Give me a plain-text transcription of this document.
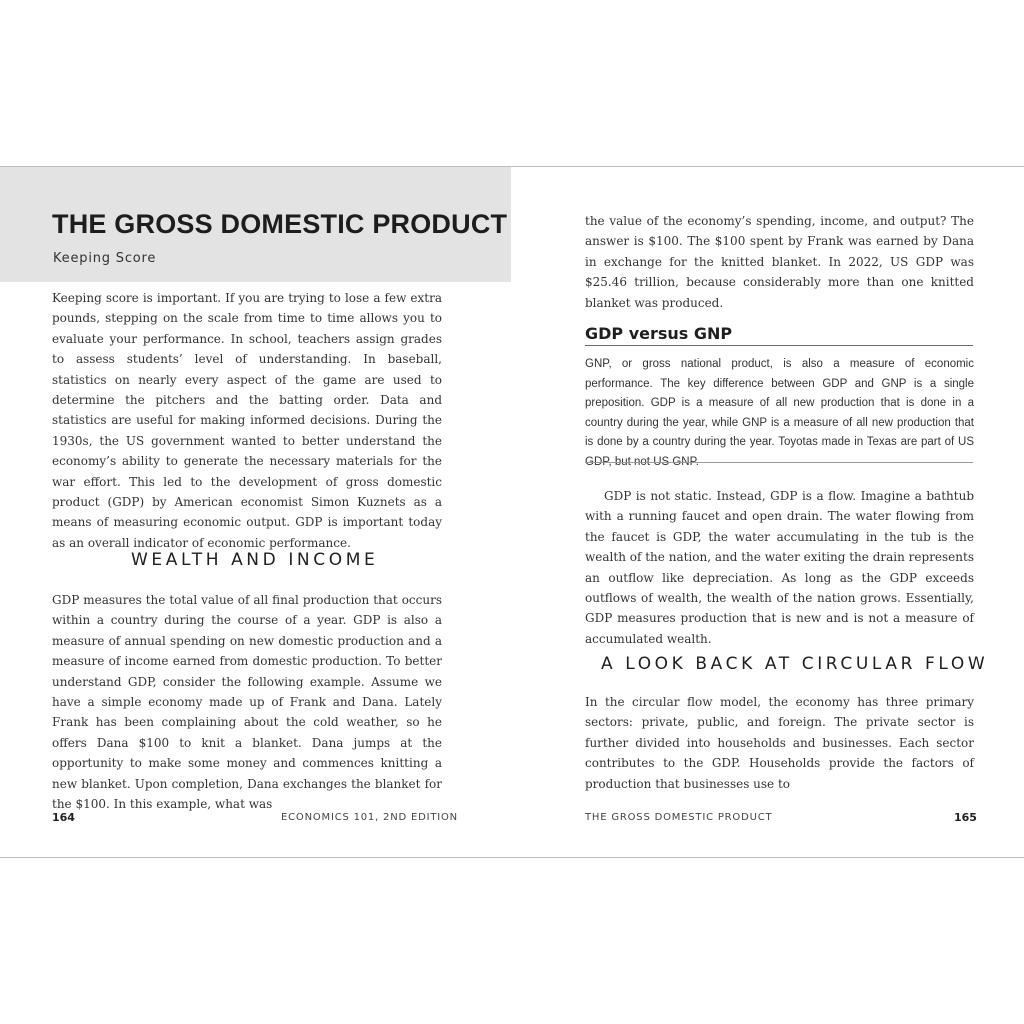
THE GROSS DOMESTIC PRODUCT
Keeping Score

Keeping score is important. If you are trying to lose a few extra pounds, stepping on the scale from time to time allows you to evaluate your performance. In school, teachers assign grades to assess students’ level of understanding. In baseball, statistics on nearly every aspect of the game are used to determine the pitchers and the batting order. Data and statistics are useful for making informed decisions. During the 1930s, the US government wanted to better understand the economy’s ability to generate the necessary materials for the war effort. This led to the development of gross domestic product (GDP) by American economist Simon Kuznets as a means of measuring economic output. GDP is important today as an overall indicator of economic performance.

WEALTH AND INCOME

GDP measures the total value of all final production that occurs within a country during the course of a year. GDP is also a measure of annual spending on new domestic production and a measure of income earned from domestic production. To better understand GDP, consider the following example. Assume we have a simple economy made up of Frank and Dana. Lately Frank has been complaining about the cold weather, so he offers Dana $100 to knit a blanket. Dana jumps at the opportunity to make some money and commences knitting a new blanket. Upon completion, Dana exchanges the blanket for the $100. In this example, what was

164	ECONOMICS 101, 2ND EDITION

the value of the economy’s spending, income, and output? The answer is $100. The $100 spent by Frank was earned by Dana in exchange for the knitted blanket. In 2022, US GDP was $25.46 trillion, because considerably more than one knitted blanket was produced.

GDP versus GNP

GNP, or gross national product, is also a measure of economic performance. The key difference between GDP and GNP is a single preposition. GDP is a measure of all new production that is done in a country during the year, while GNP is a measure of all new production that is done by a country during the year. Toyotas made in Texas are part of US GDP, but not US GNP.

GDP is not static. Instead, GDP is a flow. Imagine a bathtub with a running faucet and open drain. The water flowing from the faucet is GDP, the water accumulating in the tub is the wealth of the nation, and the water exiting the drain represents an outflow like depreciation. As long as the GDP exceeds outflows of wealth, the wealth of the nation grows. Essentially, GDP measures production that is new and is not a measure of accumulated wealth.

A LOOK BACK AT CIRCULAR FLOW

In the circular flow model, the economy has three primary sectors: private, public, and foreign. The private sector is further divided into households and businesses. Each sector contributes to the GDP. Households provide the factors of production that businesses use to

THE GROSS DOMESTIC PRODUCT	165
